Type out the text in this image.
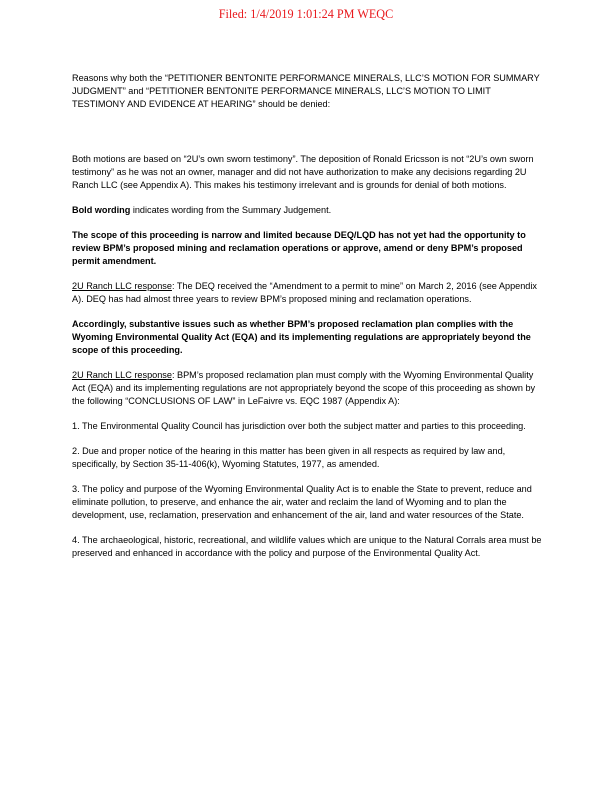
Filed: 1/4/2019 1:01:24 PM WEQC

Reasons why both the “PETITIONER BENTONITE PERFORMANCE MINERALS, LLC’S MOTION FOR SUMMARY JUDGMENT” and “PETITIONER BENTONITE PERFORMANCE MINERALS, LLC’S MOTION TO LIMIT TESTIMONY AND EVIDENCE AT HEARING” should be denied:

Both motions are based on “2U’s own sworn testimony”. The deposition of Ronald Ericsson is not “2U’s own sworn testimony” as he was not an owner, manager and did not have authorization to make any decisions regarding 2U Ranch LLC (see Appendix A). This makes his testimony irrelevant and is grounds for denial of both motions.

Bold wording indicates wording from the Summary Judgement.

The scope of this proceeding is narrow and limited because DEQ/LQD has not yet had the opportunity to review BPM’s proposed mining and reclamation operations or approve, amend or deny BPM’s proposed permit amendment.

2U Ranch LLC response: The DEQ received the “Amendment to a permit to mine” on March 2, 2016 (see Appendix A). DEQ has had almost three years to review BPM’s proposed mining and reclamation operations.

Accordingly, substantive issues such as whether BPM’s proposed reclamation plan complies with the Wyoming Environmental Quality Act (EQA) and its implementing regulations are appropriately beyond the scope of this proceeding.

2U Ranch LLC response: BPM’s proposed reclamation plan must comply with the Wyoming Environmental Quality Act (EQA) and its implementing regulations are not appropriately beyond the scope of this proceeding as shown by the following “CONCLUSIONS OF LAW” in LeFaivre vs. EQC 1987 (Appendix A):

1. The Environmental Quality Council has jurisdiction over both the subject matter and parties to this proceeding.

2. Due and proper notice of the hearing in this matter has been given in all respects as required by law and, specifically, by Section 35-11-406(k), Wyoming Statutes, 1977, as amended.

3. The policy and purpose of the Wyoming Environmental Quality Act is to enable the State to prevent, reduce and eliminate pollution, to preserve, and enhance the air, water and reclaim the land of Wyoming and to plan the development, use, reclamation, preservation and enhancement of the air, land and water resources of the State.

4. The archaeological, historic, recreational, and wildlife values which are unique to the Natural Corrals area must be preserved and enhanced in accordance with the policy and purpose of the Environmental Quality Act.
